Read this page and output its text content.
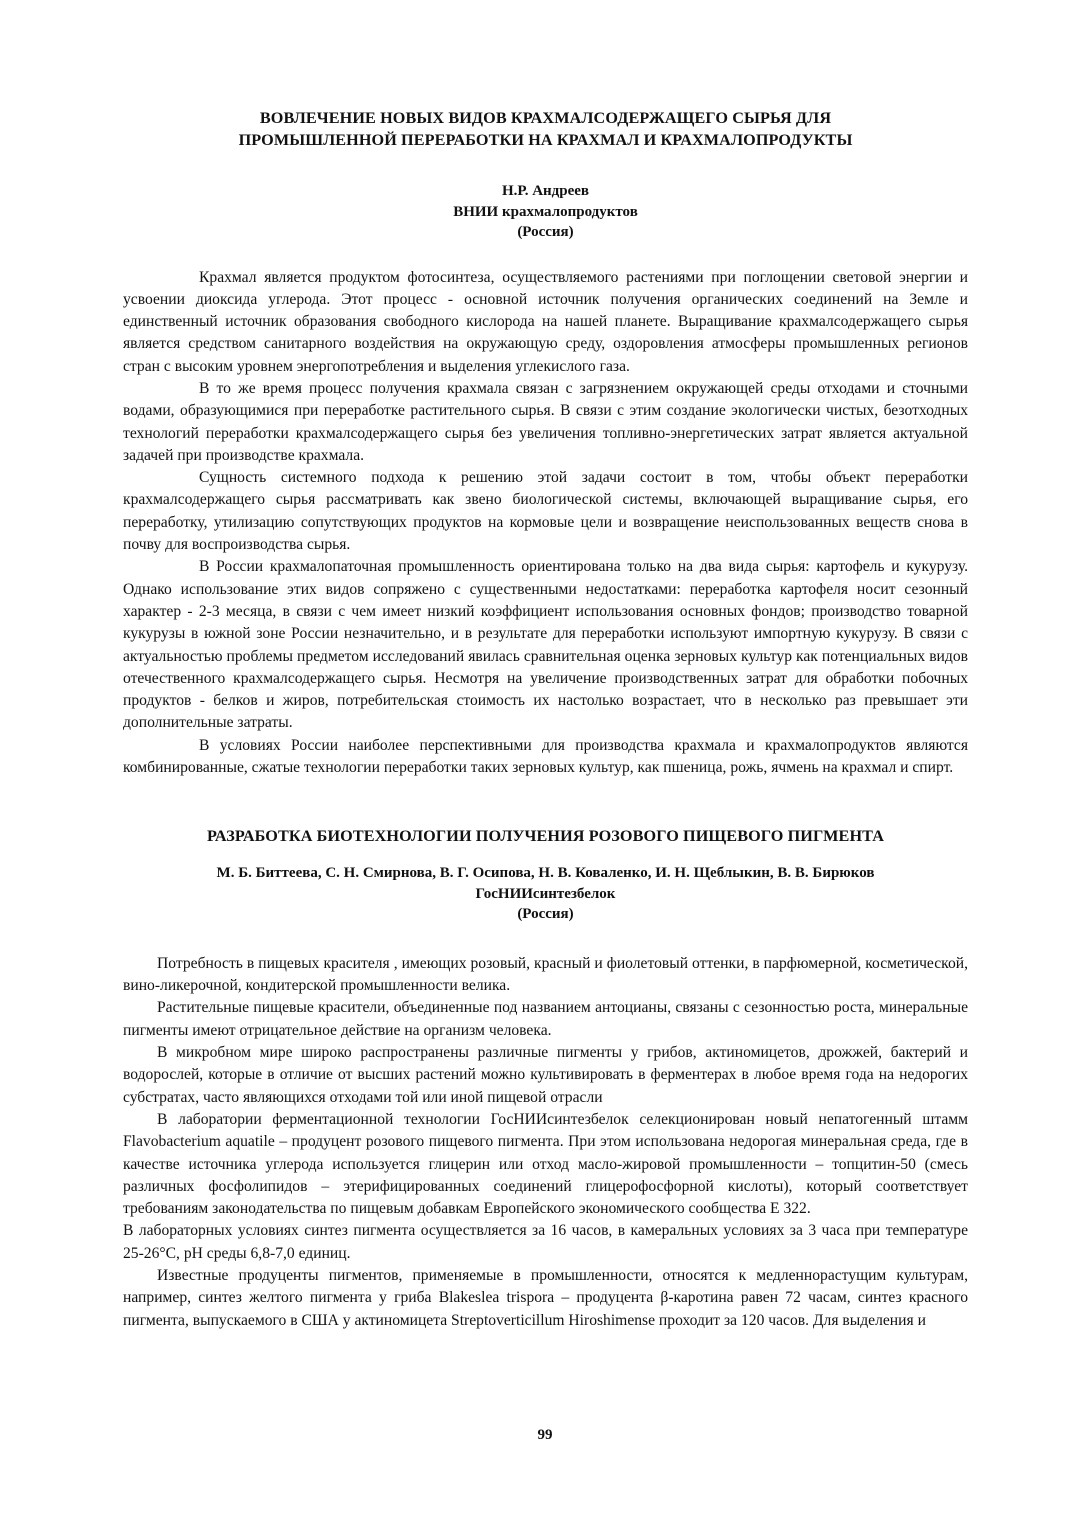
ВОВЛЕЧЕНИЕ НОВЫХ ВИДОВ КРАХМАЛСОДЕРЖАЩЕГО СЫРЬЯ ДЛЯ
ПРОМЫШЛЕННОЙ ПЕРЕРАБОТКИ НА КРАХМАЛ И КРАХМАЛОПРОДУКТЫ
Н.Р. Андреев
ВНИИ крахмалопродуктов
(Россия)

Крахмал является продуктом фотосинтеза, осуществляемого растениями при поглощении световой энергии и усвоении диоксида углерода. Этот процесс - основной источник получения органических соединений на Земле и единственный источник образования свободного кислорода на нашей планете. Выращивание крахмалсодержащего сырья является средством санитарного воздействия на окружающую среду, оздоровления атмосферы промышленных регионов стран с высоким уровнем энергопотребления и выделения углекислого газа.

В то же время процесс получения крахмала связан с загрязнением окружающей среды отходами и сточными водами, образующимися при переработке растительного сырья. В связи с этим создание экологически чистых, безотходных технологий переработки крахмалсодержащего сырья без увеличения топливно-энергетических затрат является актуальной задачей при производстве крахмала.

Сущность системного подхода к решению этой задачи состоит в том, чтобы объект переработки крахмалсодержащего сырья рассматривать как звено биологической системы, включающей выращивание сырья, его переработку, утилизацию сопутствующих продуктов на кормовые цели и возвращение неиспользованных веществ снова в почву для воспроизводства сырья.

В России крахмалопаточная промышленность ориентирована только на два вида сырья: картофель и кукурузу. Однако использование этих видов сопряжено с существенными недостатками: переработка картофеля носит сезонный характер - 2-3 месяца, в связи с чем имеет низкий коэффициент использования основных фондов; производство товарной кукурузы в южной зоне России незначительно, и в результате для переработки используют импортную кукурузу. В связи с актуальностью проблемы предметом исследований явилась сравнительная оценка зерновых культур как потенциальных видов отечественного крахмалсодержащего сырья. Несмотря на увеличение производственных затрат для обработки побочных продуктов - белков и жиров, потребительская стоимость их настолько возрастает, что в несколько раз превышает эти дополнительные затраты.

В условиях России наиболее перспективными для производства крахмала и крахмалопродуктов являются комбинированные, сжатые технологии переработки таких зерновых культур, как пшеница, рожь, ячмень на крахмал и спирт.

РАЗРАБОТКА БИОТЕХНОЛОГИИ ПОЛУЧЕНИЯ РОЗОВОГО ПИЩЕВОГО ПИГМЕНТА
М. Б. Биттеева, С. Н. Смирнова, В. Г. Осипова, Н. В. Коваленко, И. Н. Щеблыкин, В. В. Бирюков
ГосНИИсинтезбелок
(Россия)

Потребность в пищевых красителя , имеющих розовый, красный и фиолетовый оттенки, в парфюмерной, косметической, вино-ликерочной, кондитерской промышленности велика.

Растительные пищевые красители, объединенные под названием антоцианы, связаны с сезонностью роста, минеральные пигменты имеют отрицательное действие на организм человека.

В микробном мире широко распространены различные пигменты у грибов, актиномицетов, дрожжей, бактерий и водорослей, которые в отличие от высших растений можно культивировать в ферментерах в любое время года на недорогих субстратах, часто являющихся отходами той или иной пищевой отрасли

В лаборатории ферментационной технологии ГосНИИсинтезбелок селекционирован новый непатогенный штамм Flavobacterium aquatile – продуцент розового пищевого пигмента. При этом использована недорогая минеральная среда, где в качестве источника углерода используется глицерин или отход масло-жировой промышленности – топцитин-50 (смесь различных фосфолипидов – этерифицированных соединений глицерофосфорной кислоты), который соответствует требованиям законодательства по пищевым добавкам Европейского экономического сообщества Е 322.

В лабораторных условиях синтез пигмента осуществляется за 16 часов, в камеральных условиях за 3 часа при температуре 25-26°С, рН среды 6,8-7,0 единиц.

Известные продуценты пигментов, применяемые в промышленности, относятся к медленнорастущим культурам, например, синтез желтого пигмента у гриба Blakeslea trispora – продуцента β-каротина равен 72 часам, синтез красного пигмента, выпускаемого в США у актиномицета Streptoverticillum Hiroshimense проходит за 120 часов. Для выделения и

99
